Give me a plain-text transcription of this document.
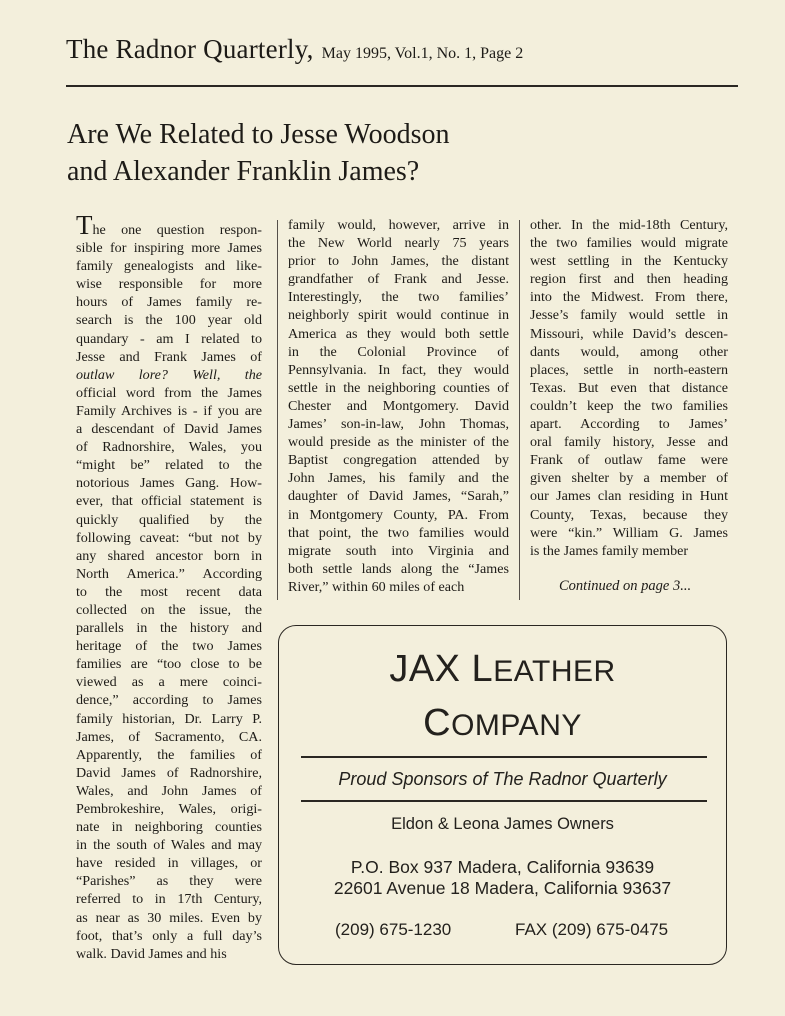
The Radnor Quarterly, May 1995, Vol.1, No. 1, Page 2
Are We Related to Jesse Woodson
and Alexander Franklin James?
The one question respon-
sible for inspiring more James
family genealogists and like-
wise responsible for more
hours of James family re-
search is the 100 year old
quandary - am I related to
Jesse and Frank James of
outlaw lore? Well, the
official word from the James
Family Archives is - if you are
a descendant of David James
of Radnorshire, Wales, you
“might be” related to the
notorious James Gang. How-
ever, that official statement is
quickly qualified by the
following caveat: “but not by
any shared ancestor born in
North America.” According
to the most recent data
collected on the issue, the
parallels in the history and
heritage of the two James
families are “too close to be
viewed as a mere coinci-
dence,” according to James
family historian, Dr. Larry P.
James, of Sacramento, CA.
Apparently, the families of
David James of Radnorshire,
Wales, and John James of
Pembrokeshire, Wales, origi-
nate in neighboring counties
in the south of Wales and may
have resided in villages, or
“Parishes” as they were
referred to in 17th Century,
as near as 30 miles. Even by
foot, that’s only a full day’s
walk. David James and his
family would, however, arrive in
the New World nearly 75 years
prior to John James, the distant
grandfather of Frank and Jesse.
Interestingly, the two families’
neighborly spirit would continue in
America as they would both settle
in the Colonial Province of
Pennsylvania. In fact, they would
settle in the neighboring counties of
Chester and Montgomery. David
James’ son-in-law, John Thomas,
would preside as the minister of the
Baptist congregation attended by
John James, his family and the
daughter of David James, “Sarah,”
in Montgomery County, PA. From
that point, the two families would
migrate south into Virginia and
both settle lands along the “James
River,” within 60 miles of each
other. In the mid-18th Century,
the two families would migrate
west settling in the Kentucky
region first and then heading
into the Midwest. From there,
Jesse’s family would settle in
Missouri, while David’s descen-
dants would, among other
places, settle in north-eastern
Texas. But even that distance
couldn’t keep the two families
apart. According to James’
oral family history, Jesse and
Frank of outlaw fame were
given shelter by a member of
our James clan residing in Hunt
County, Texas, because they
were “kin.” William G. James
is the James family member
Continued on page 3...
JAX LEATHER
COMPANY
Proud Sponsors of The Radnor Quarterly
Eldon & Leona James Owners
P.O. Box 937 Madera, California 93639
22601 Avenue 18 Madera, California 93637
(209) 675-1230	FAX (209) 675-0475
